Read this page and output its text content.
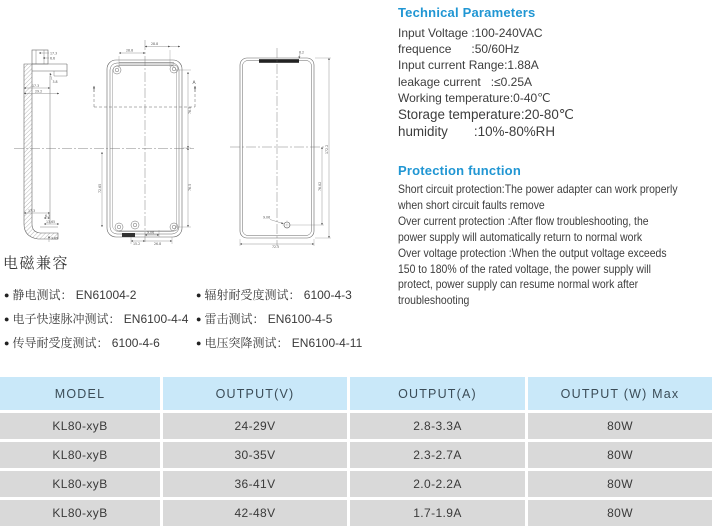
17.3
6.6
3.8
17.3
29.2
17.3
6.3
13.65
3.65
28.8
28.8
76.5
76.5
72.65
9.06
15.2	26.8
A
8.2
172.2
76.82
9.06
72.5
Technical Parameters
Input Voltage :100-240VAC
frequence      :50/60Hz
Input current Range:1.88A
leakage current   :≤0.25A
Working temperature:0-40℃
Storage temperature:20-80℃
humidity       :10%-80%RH
Protection function
Short circuit protection:The power adapter can work properly
when short circuit faults remove
Over current protection :After flow troubleshooting, the
power supply will automatically return to normal work
Over voltage protection :When the output voltage exceeds
150 to 180% of the rated voltage, the power supply will
protect, power supply can resume normal work after
troubleshooting
电磁兼容
● 静电测试： EN61004-2
● 电子快速脉冲测试： EN6100-4-4
● 传导耐受度测试： 6100-4-6
● 辐射耐受度测试： 6100-4-3
● 雷击测试： EN6100-4-5
● 电压突降测试： EN6100-4-11
MODEL	OUTPUT(V)	OUTPUT(A)	OUTPUT (W) Max
KL80-xyB	24-29V	2.8-3.3A	80W
KL80-xyB	30-35V	2.3-2.7A	80W
KL80-xyB	36-41V	2.0-2.2A	80W
KL80-xyB	42-48V	1.7-1.9A	80W
